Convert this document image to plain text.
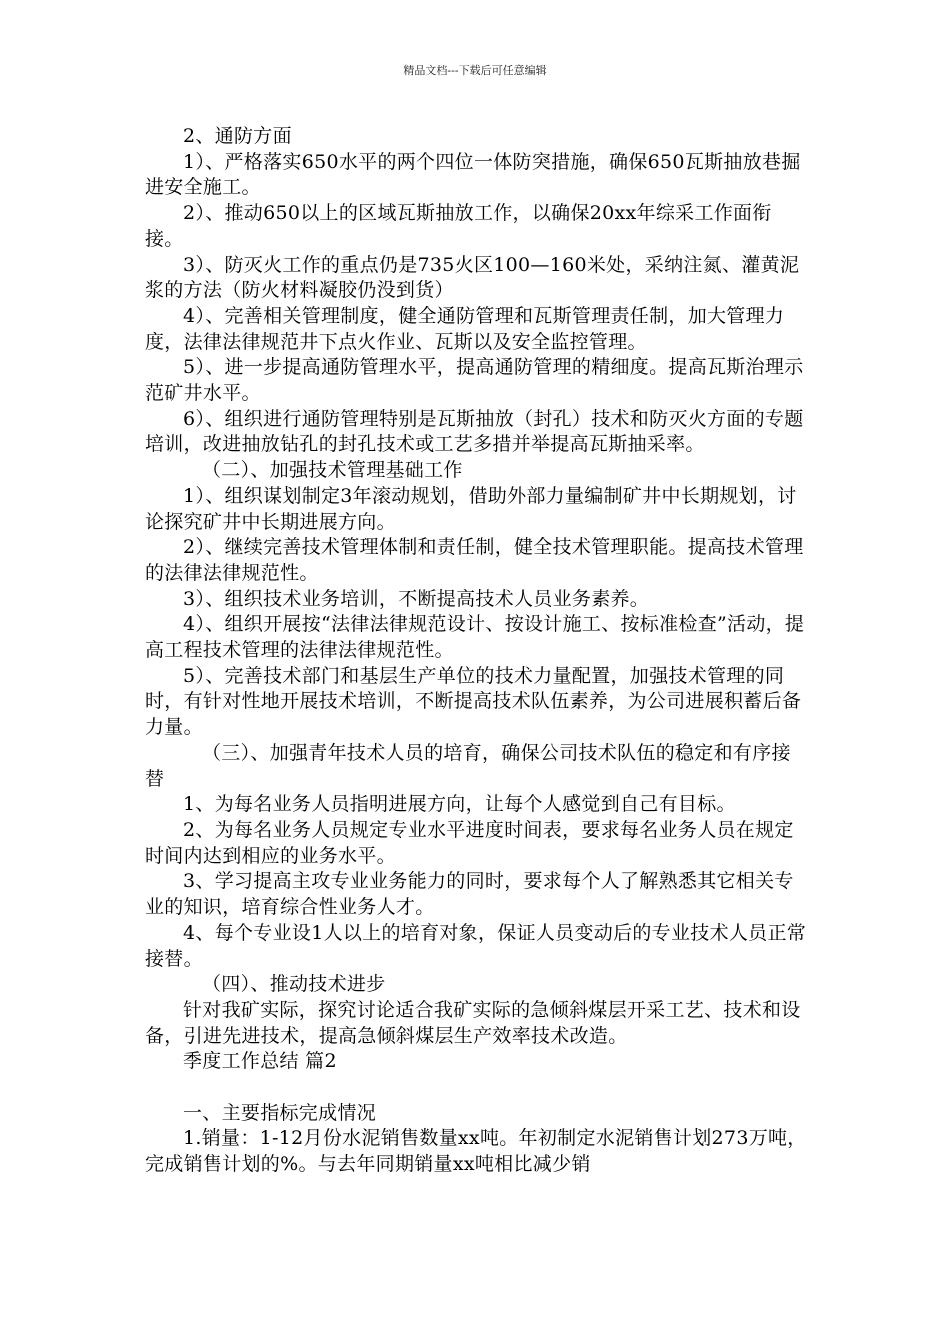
精品文档---下载后可任意编辑

2、通防方面

1）、严格落实650水平的两个四位一体防突措施，确保650瓦斯抽放巷掘进安全施工。

2）、推动650以上的区域瓦斯抽放工作，以确保20xx年综采工作面衔接。

3）、防灭火工作的重点仍是735火区100—160米处，采纳注氮、灌黄泥浆的方法（防火材料凝胶仍没到货）

4）、完善相关管理制度，健全通防管理和瓦斯管理责任制，加大管理力度，法律法律规范井下点火作业、瓦斯以及安全监控管理。

5）、进一步提高通防管理水平，提高通防管理的精细度。提高瓦斯治理示范矿井水平。

6）、组织进行通防管理特别是瓦斯抽放（封孔）技术和防灭火方面的专题培训，改进抽放钻孔的封孔技术或工艺多措并举提高瓦斯抽采率。

（二）、加强技术管理基础工作

1）、组织谋划制定3年滚动规划，借助外部力量编制矿井中长期规划，讨论探究矿井中长期进展方向。

2）、继续完善技术管理体制和责任制，健全技术管理职能。提高技术管理的法律法律规范性。

3）、组织技术业务培训，不断提高技术人员业务素养。

4）、组织开展按“法律法律规范设计、按设计施工、按标准检查”活动，提高工程技术管理的法律法律规范性。

5）、完善技术部门和基层生产单位的技术力量配置，加强技术管理的同时，有针对性地开展技术培训，不断提高技术队伍素养，为公司进展积蓄后备力量。

（三）、加强青年技术人员的培育，确保公司技术队伍的稳定和有序接替

1、为每名业务人员指明进展方向，让每个人感觉到自己有目标。

2、为每名业务人员规定专业水平进度时间表，要求每名业务人员在规定时间内达到相应的业务水平。

3、学习提高主攻专业业务能力的同时，要求每个人了解熟悉其它相关专业的知识，培育综合性业务人才。

4、每个专业设1人以上的培育对象，保证人员变动后的专业技术人员正常接替。

（四）、推动技术进步

针对我矿实际，探究讨论适合我矿实际的急倾斜煤层开采工艺、技术和设备，引进先进技术，提高急倾斜煤层生产效率技术改造。

季度工作总结 篇2

一、主要指标完成情况

1.销量：1-12月份水泥销售数量xx吨。年初制定水泥销售计划273万吨，完成销售计划的%。与去年同期销量xx吨相比减少销
